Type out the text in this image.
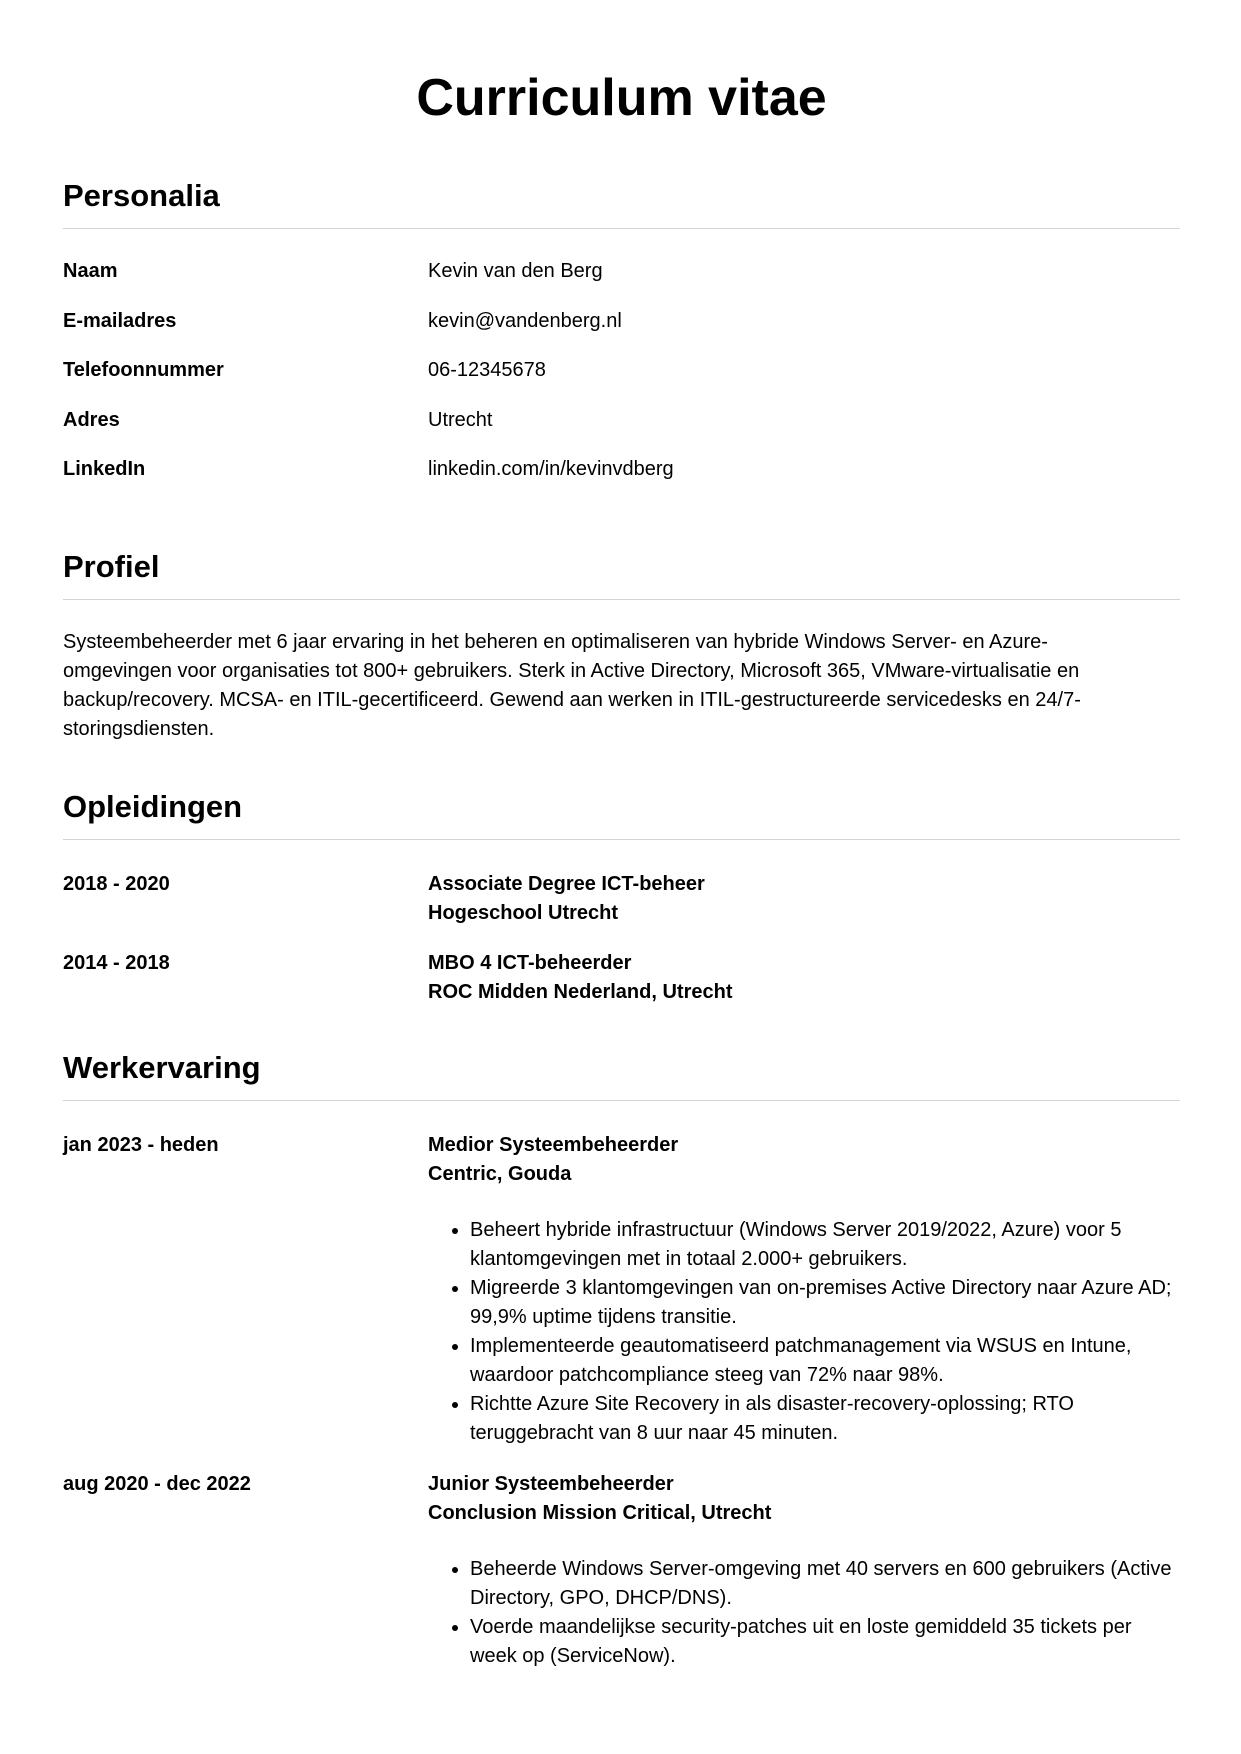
Curriculum vitae
Personalia
Naam	Kevin van den Berg
E-mailadres	kevin@vandenberg.nl
Telefoonnummer	06-12345678
Adres	Utrecht
LinkedIn	linkedin.com/in/kevinvdberg
Profiel
Systeembeheerder met 6 jaar ervaring in het beheren en optimaliseren van hybride Windows Server- en Azure-omgevingen voor organisaties tot 800+ gebruikers. Sterk in Active Directory, Microsoft 365, VMware-virtualisatie en backup/recovery. MCSA- en ITIL-gecertificeerd. Gewend aan werken in ITIL-gestructureerde servicedesks en 24/7-storingsdiensten.
Opleidingen
2018 - 2020	Associate Degree ICT-beheer
Hogeschool Utrecht
2014 - 2018	MBO 4 ICT-beheerder
ROC Midden Nederland, Utrecht
Werkervaring
jan 2023 - heden	Medior Systeembeheerder
Centric, Gouda
• Beheert hybride infrastructuur (Windows Server 2019/2022, Azure) voor 5 klantomgevingen met in totaal 2.000+ gebruikers.
• Migreerde 3 klantomgevingen van on-premises Active Directory naar Azure AD; 99,9% uptime tijdens transitie.
• Implementeerde geautomatiseerd patchmanagement via WSUS en Intune, waardoor patchcompliance steeg van 72% naar 98%.
• Richtte Azure Site Recovery in als disaster-recovery-oplossing; RTO teruggebracht van 8 uur naar 45 minuten.
aug 2020 - dec 2022	Junior Systeembeheerder
Conclusion Mission Critical, Utrecht
• Beheerde Windows Server-omgeving met 40 servers en 600 gebruikers (Active Directory, GPO, DHCP/DNS).
• Voerde maandelijkse security-patches uit en loste gemiddeld 35 tickets per week op (ServiceNow).
